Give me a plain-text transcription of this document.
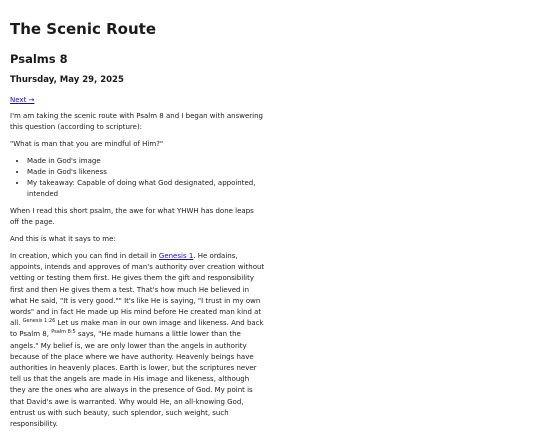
The Scenic Route
Psalms 8
Thursday, May 29, 2025
Next →

I'm am taking the scenic route with Psalm 8 and I began with answering this question (according to scripture):

"What is man that you are mindful of Him?"

• Made in God's image
• Made in God's likeness
• My takeaway: Capable of doing what God designated, appointed, intended

When I read this short psalm, the awe for what YHWH has done leaps off the page.

And this is what it says to me:

In creation, which you can find in detail in Genesis 1. He ordains, appoints, intends and approves of man's authority over creation without vetting or testing them first. He gives them the gift and responsibility first and then He gives them a test. That's how much He believed in what He said, "It is very good."" It's like He is saying, "I trust in my own words" and in fact He made up His mind before He created man kind at all. $^{Genesis 1:26}$ Let us make man in our own image and likeness. And back to Psalm 8, $^{Psalm 8:5}$ says, "He made humans a little lower than the angels." My belief is, we are only lower than the angels in authority because of the place where we have authority. Heavenly beings have authorities in heavenly places. Earth is lower, but the scriptures never tell us that the angels are made in His image and likeness, although they are the ones who are always in the presence of God. My point is that David's awe is warranted. Why would He, an all-knowing God, entrust us with such beauty, such splendor, such weight, such responsibility.
